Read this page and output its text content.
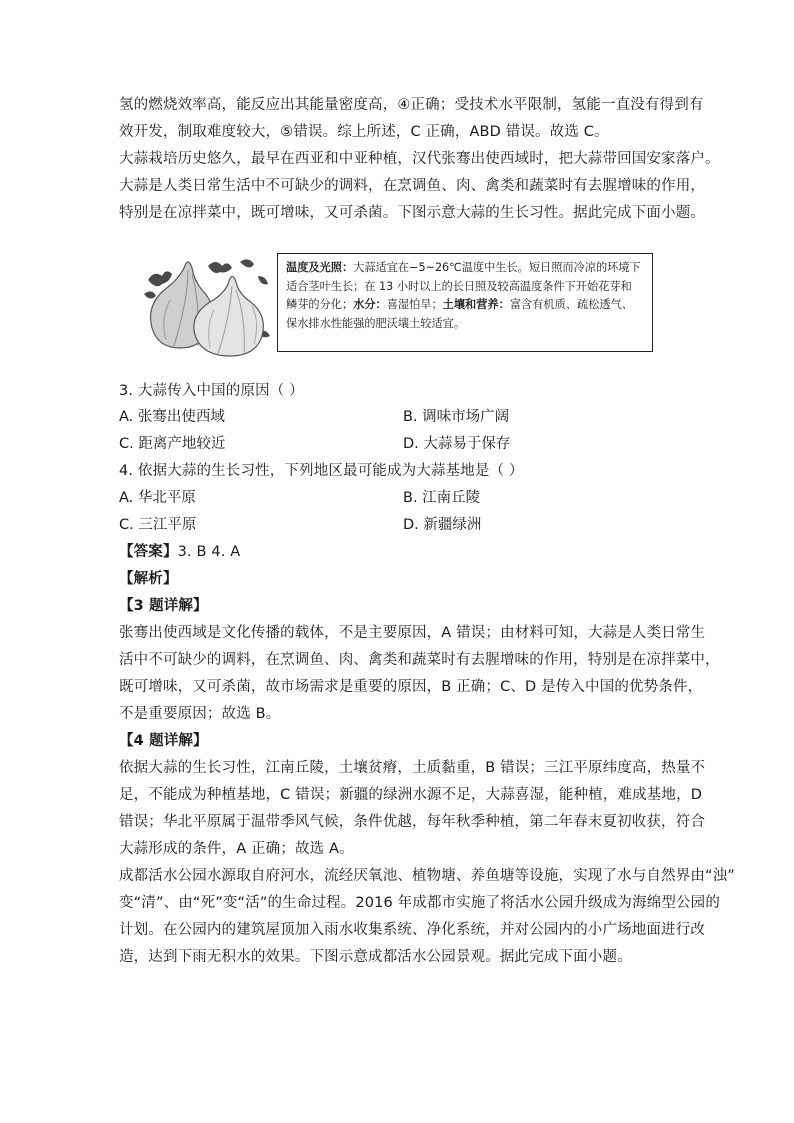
氢的燃烧效率高，能反应出其能量密度高，④正确；受技术水平限制，氢能一直没有得到有
效开发，制取难度较大，⑤错误。综上所述，C 正确，ABD 错误。故选 C。
大蒜栽培历史悠久，最早在西亚和中亚种植，汉代张骞出使西域时，把大蒜带回国安家落户。
大蒜是人类日常生活中不可缺少的调料，在烹调鱼、肉、禽类和蔬菜时有去腥增味的作用，
特别是在凉拌菜中，既可增味，又可杀菌。下图示意大蒜的生长习性。据此完成下面小题。
温度及光照：大蒜适宜在−5~26℃温度中生长。短日照而冷凉的环境下
适合茎叶生长；在 13 小时以上的长日照及较高温度条件下开始花芽和
鳞芽的分化；水分：喜湿怕旱；土壤和营养：富含有机质、疏松透气、
保水排水性能强的肥沃壤土较适宜。
3. 大蒜传入中国的原因（ ）
A. 张骞出使西域	B. 调味市场广阔
C. 距离产地较近	D. 大蒜易于保存
4. 依据大蒜的生长习性，下列地区最可能成为大蒜基地是（ ）
A. 华北平原	B. 江南丘陵
C. 三江平原	D. 新疆绿洲
【答案】3. B 4. A
【解析】
【3 题详解】
张骞出使西域是文化传播的载体，不是主要原因，A 错误；由材料可知，大蒜是人类日常生
活中不可缺少的调料，在烹调鱼、肉、禽类和蔬菜时有去腥增味的作用，特别是在凉拌菜中，
既可增味，又可杀菌，故市场需求是重要的原因，B 正确；C、D 是传入中国的优势条件，
不是重要原因；故选 B。
【4 题详解】
依据大蒜的生长习性，江南丘陵，土壤贫瘠，土质黏重，B 错误；三江平原纬度高，热量不
足，不能成为种植基地，C 错误；新疆的绿洲水源不足，大蒜喜湿，能种植，难成基地，D
错误；华北平原属于温带季风气候，条件优越，每年秋季种植，第二年春末夏初收获，符合
大蒜形成的条件，A 正确；故选 A。
成都活水公园水源取自府河水，流经厌氧池、植物塘、养鱼塘等设施，实现了水与自然界由“浊”
变“清”、由“死”变“活”的生命过程。2016 年成都市实施了将活水公园升级成为海绵型公园的
计划。在公园内的建筑屋顶加入雨水收集系统、净化系统，并对公园内的小广场地面进行改
造，达到下雨无积水的效果。下图示意成都活水公园景观。据此完成下面小题。
